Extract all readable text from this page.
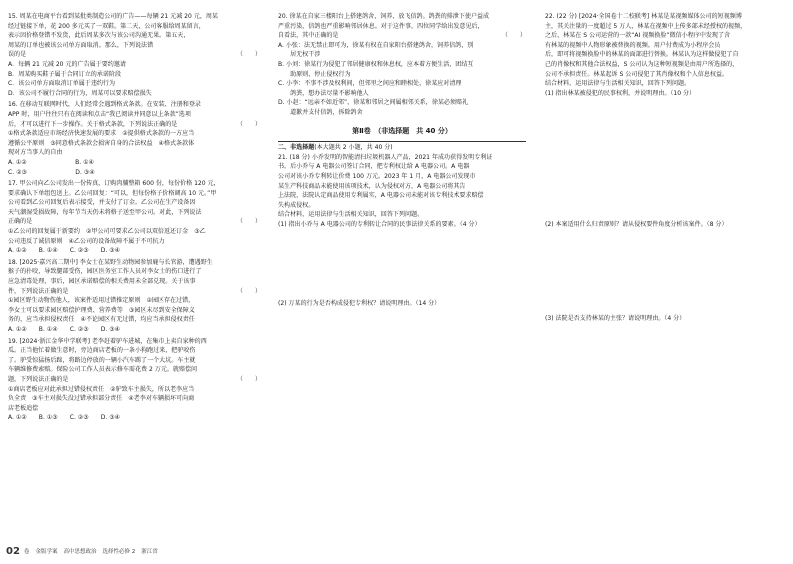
15. 周某在电商平台看到某批类制造公司的广告——每辆 21 元减 20 元，周某
经过链接下单，花 200 多元买了一双鞋。第二天，公司客服给周某留言，
表示因价格登错不发货，此后周某多次与该公司沟通无果。第五天，
周某的订单也被该公司单方面取消。那么，下列说法错
（　　）
误的是
A．每辆 21 元减 20 元的广告属于要约邀请
B．周某购买鞋子属于合同订立的承诺阶段
C．该公司单方面取消订单属于违约行为
D．该公司不履行合同的行为，周某可以要求赔偿损失
16. 在移动互联网时代，人们经常会遇到格式条款。在安装、注册和登录
APP 时，用户往往只有在阅读和点击“我已阅读并同意以上条款”选项
（　　）
后，才可以进行下一步操作。关于格式条款，下列说法正确的是
①格式条款适应市场经济快速发展的要求　②提供格式条款的一方应当
遵循公平原则　③同意格式条款会损害自身的合法权益　④格式条款体
现对方当事人的自由
A. ①②　　　　　　　　B. ①④
C. ②③　　　　　　　　D. ③④
17. 甲公司向乙公司发出一份传真，订购肉脯整箱 600 份，每份价格 120 元，
要求确认下单组包送上。乙公司回复：“可以，但每份格子价格调高 10 元。”甲
公司看到乙公司回复后表示接受，并支付了订金。乙公司在生产设备因
天气潮湿受损故障，每年节当天仍未将格子送至甲公司。对此，下列说法
（　　）
正确的是
①乙公司的回复属于新要约　②甲公司可要求乙公司以双倍返还订金　③乙
公司违反了诚信原则　④乙公司的设备故障不属于不可抗力
A. ①②　　B. ①④　　C. ②③　　D. ③④
18. [2025·嘉兴高二期中] 李女士在某野生动物园参加鹿与长官游，遭遇野生
猴子的扑咬，导致腿部受伤，园区医务室工作人员对李女士的伤口进行了
应急清毒处理，事后，园区承诺赔偿的相关费用未全部兑现。关于该事
（　　）
件，下列说法正确的是
①园区野生动物伤他人，该案件适用过错推定原则　②园区存在过错，
李女士可以要求园区赔偿护理费、营养费等　③园区未尽到安全保障义
务的，应当承担侵权责任　④不论园区有无过错，均应当承担侵权责任
A. ①②　　B. ①④　　C. ②③　　D. ③④
19. [2024·浙江金华中学联考] 老李赶着驴车进城，在集市上卖自家种的西
瓜。正当他忙着做生意时，旁边商店老板的一条小狗跑过来，把驴咬伤
了。驴受惊猛扬后蹄，将路边停放的一辆小汽车踢了一个大坑。车主就
车辆维修费索赔。保险公司工作人员表示修车需花费 2 万元。就赔偿问
（　　）
题，下列说法正确的是
①商店老板应对此承担过错侵权责任　②驴致车主损失，所以老李应当
负全责　③车主对损失没过错承担部分责任　④老李对车辆损坏可向商
店老板追偿
A. ①②　　B. ①③　　C. ②③　　D. ③④
20. 徐某在自家三楼阳台上搭建鸽舍，饲养、放飞信鸽。鸽粪的排泄下使户益成
严重污染，信鸽也严重影响邻居休息。对于这件事，四位同学给出发意见后，
（　　）
自看法，其中正确的是
A. 小张：法无禁止即可为，徐某有权在自家阳台搭建鸽舍，饲养信鸽，别
　　居无权干涉
B. 小刘：徐某行为侵犯了邻居健康权和休息权，应本着方便生活，团结互
　　助原则，停止侵权行为
C. 小李：不事不涉及权利间，但邻里之间应和睦相处，徐某应对清理
　　鸽粪，想办法尽量不影响他人
D. 小赵：“远亲不如近邻”，徐某和邻居之间属相邻关系，徐某必须赔礼
　　道歉并支付信鸽，拆除鸽舍
第Ⅱ卷　（非选择题　共 40 分）
二、非选择题(本大题共 2 小题，共 40 分)
21. (18 分) 小乔发明的智能清扫垃圾机器人产品，2021 年成功获得发明专利证
书。后小乔与 A 电器公司签订合同，把专利权让给 A 电器公司。A 电器
公司对该小乔专利转让价费 100 万元。2023 年 1 月，A 电器公司发现市
某生产科技商品未能使用该项技术，认为侵权对方，A 电器公司将其告
上法院，法院认定商品使用专利属实，A 电器公司未能对该专利技术要求赔偿
失构成侵权。
结合材料，运用法律与生活相关知识，回答下列问题。
(1) 指出小乔与 A 电器公司的专利转让合同的民事法律关系的要素。（4 分）
(2) 万某的行为是否构成侵犯专利权？请说明理由。（14 分）
22. (22 分) [2024·全国卷十二校联考] 林某是某视频媒体公司的短视频博
主，其关注量的一度超过 5 万人，林某在视频中上传多部未经授权的视频，
之后，林某在 S 公司运营的一款“AI 视频换脸”微信小程序中发现了含
有林某的视频中人物形象被替换的视频。用户付费成为小程序会员
后，即可将视频换脸中的林某的面部进行替换。林某认为这样做侵犯了自
己的肖像权和其他合法权益，S 公司认为这种短视频是由用户所选择的，
公司不承担责任。林某起诉 S 公司侵犯了其肖像权和个人信息权益。
结合材料，运用法律与生活相关知识，回答下列问题。
(1) 指出林某被侵犯的民事权利，并说明理由。（10 分）
(2) 本案适用什么归责原则？请从侵权要件角度分析该案件。（8 分）
(3) 法院是否支持林某的主张？请说明理由。（4 分）
02 卷 金版学案 高中思想政治 选择性必修 2 浙江省
